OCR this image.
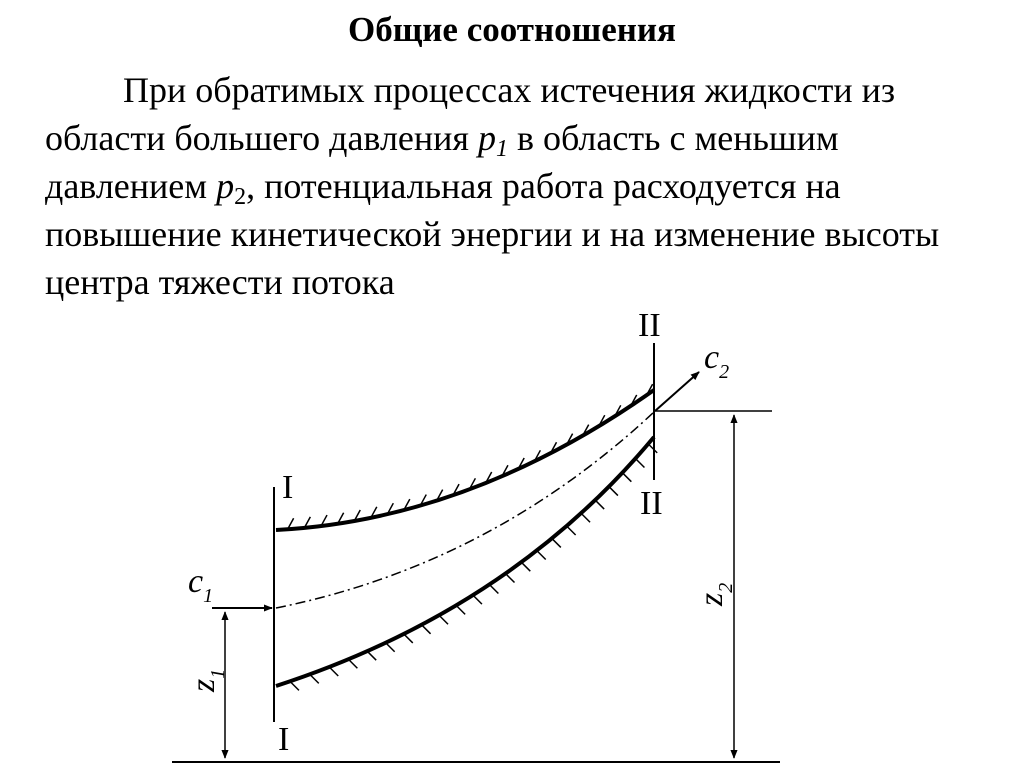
Общие соотношения
При обратимых процессах истечения жидкости из области большего давления $p_1$ в область с меньшим давлением $p_2$, потенциальная работа расходуется на повышение кинетической энергии и на изменение высоты центра тяжести потока
I
I
II
II
$c_1$
$c_2$
$z_1$
$z_2$
